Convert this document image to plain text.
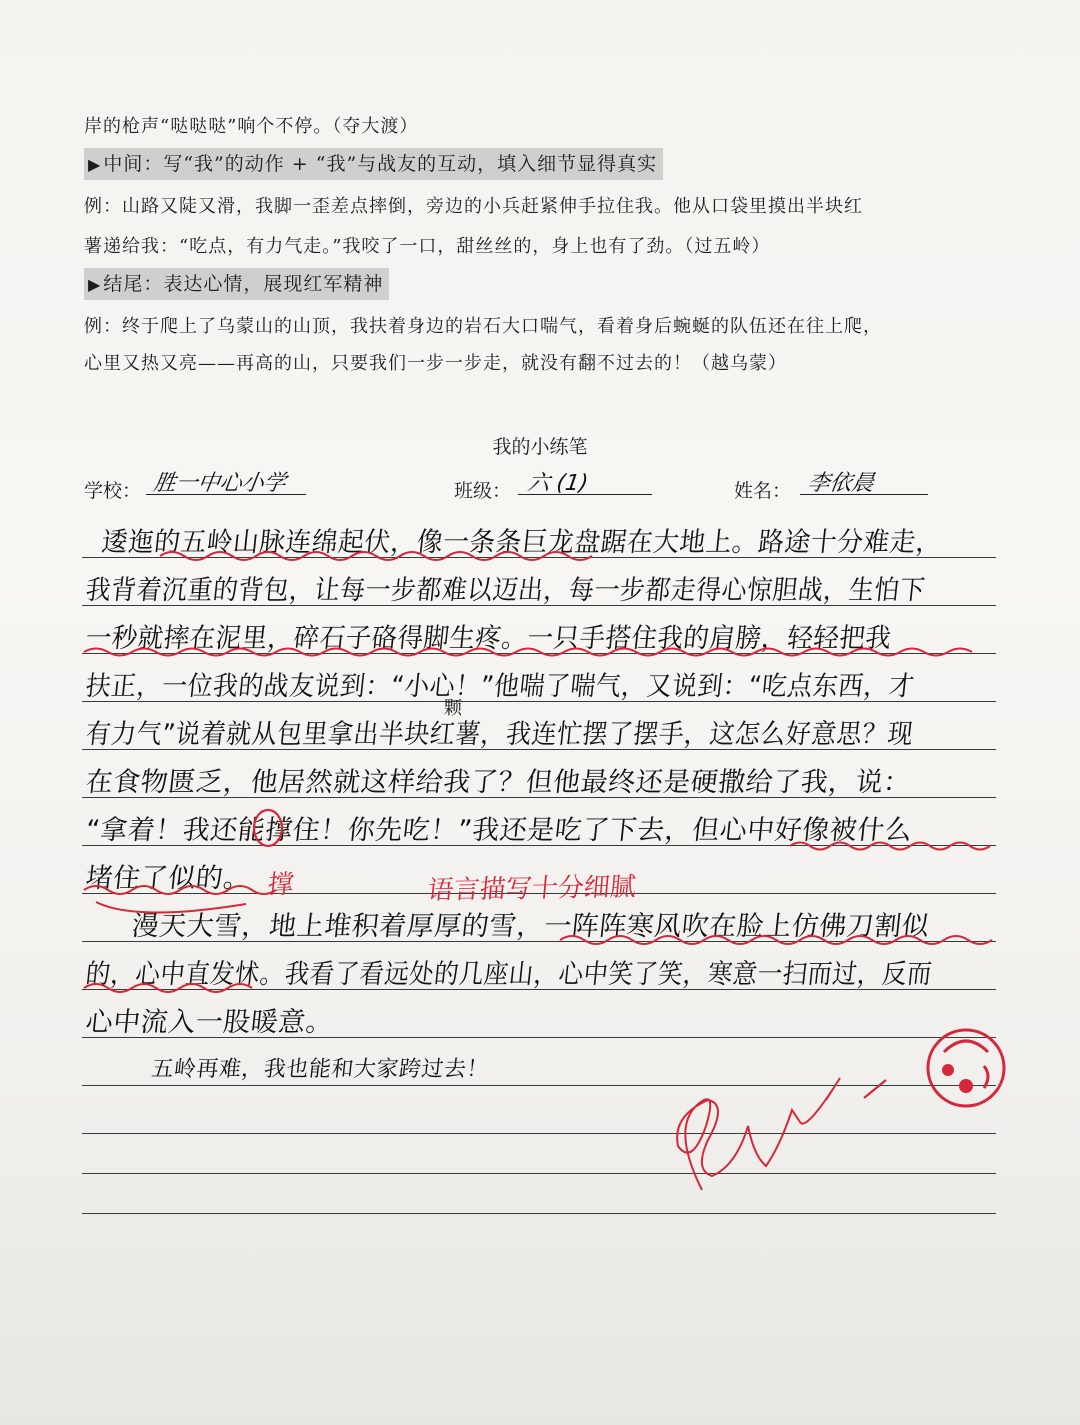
岸的枪声“哒哒哒”响个不停。（夺大渡）
▶ 中间：写“我”的动作 + “我”与战友的互动，填入细节显得真实
例：山路又陡又滑，我脚一歪差点摔倒，旁边的小兵赶紧伸手拉住我。他从口袋里摸出半块红
薯递给我：“吃点，有力气走。”我咬了一口，甜丝丝的，身上也有了劲。（过五岭）
▶ 结尾：表达心情，展现红军精神
例：终于爬上了乌蒙山的山顶，我扶着身边的岩石大口喘气，看着身后蜿蜒的队伍还在往上爬，
心里又热又亮——再高的山，只要我们一步一步走，就没有翻不过去的！（越乌蒙）
我的小练笔
学校： 胜一中心小学	班级： 六 (1)	姓名： 李依晨
逶迤的五岭山脉连绵起伏，像一条条巨龙盘踞在大地上。路途十分难走，
我背着沉重的背包，让每一步都难以迈出，每一步都走得心惊胆战，生怕下
一秒就摔在泥里，碎石子硌得脚生疼。一只手搭住我的肩膀，轻轻把我
扶正，一位我的战友说到：“小心！”他喘了喘气，又说到：“吃点东西，才
有力气”说着就从包里拿出半块红薯，我连忙摆了摆手，这怎么好意思？现
在食物匮乏，他居然就这样给我了？但他最终还是硬撒给了我，说：
“拿着！我还能撑住！你先吃！”我还是吃了下去，但心中好像被什么
堵住了似的。
漫天大雪，地上堆积着厚厚的雪，一阵阵寒风吹在脸上仿佛刀割似
的，心中直发怵。我看了看远处的几座山，心中笑了笑，寒意一扫而过，反而
心中流入一股暖意。
五岭再难，我也能和大家跨过去！
颗
撑	语言描写十分细腻
